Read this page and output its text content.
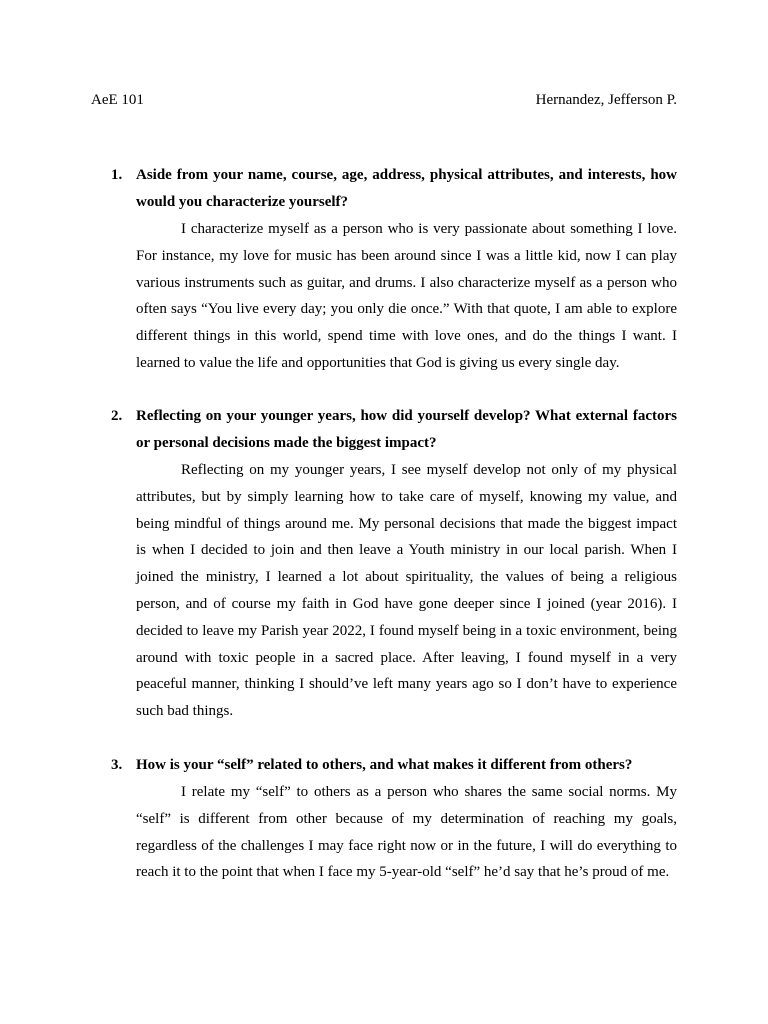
AeE 101	Hernandez, Jefferson P.
1. Aside from your name, course, age, address, physical attributes, and interests, how would you characterize yourself?

I characterize myself as a person who is very passionate about something I love. For instance, my love for music has been around since I was a little kid, now I can play various instruments such as guitar, and drums. I also characterize myself as a person who often says “You live every day; you only die once.” With that quote, I am able to explore different things in this world, spend time with love ones, and do the things I want. I learned to value the life and opportunities that God is giving us every single day.

2. Reflecting on your younger years, how did yourself develop? What external factors or personal decisions made the biggest impact?

Reflecting on my younger years, I see myself develop not only of my physical attributes, but by simply learning how to take care of myself, knowing my value, and being mindful of things around me. My personal decisions that made the biggest impact is when I decided to join and then leave a Youth ministry in our local parish. When I joined the ministry, I learned a lot about spirituality, the values of being a religious person, and of course my faith in God have gone deeper since I joined (year 2016). I decided to leave my Parish year 2022, I found myself being in a toxic environment, being around with toxic people in a sacred place. After leaving, I found myself in a very peaceful manner, thinking I should’ve left many years ago so I don’t have to experience such bad things.

3. How is your “self” related to others, and what makes it different from others?

I relate my “self” to others as a person who shares the same social norms. My “self” is different from other because of my determination of reaching my goals, regardless of the challenges I may face right now or in the future, I will do everything to reach it to the point that when I face my 5-year-old “self” he’d say that he’s proud of me.
